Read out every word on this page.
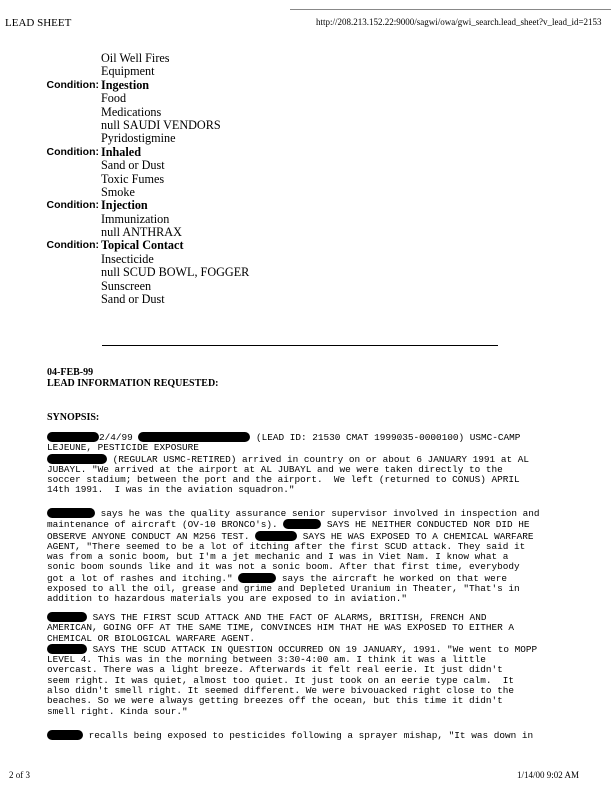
LEAD SHEET	http://208.213.152.22:9000/sagwi/owa/gwi_search.lead_sheet?v_lead_id=2153
Oil Well Fires
Equipment
Condition: Ingestion
Food
Medications
null SAUDI VENDORS
Pyridostigmine
Condition: Inhaled
Sand or Dust
Toxic Fumes
Smoke
Condition: Injection
Immunization
null ANTHRAX
Condition: Topical Contact
Insecticide
null SCUD BOWL, FOGGER
Sunscreen
Sand or Dust
04-FEB-99
LEAD INFORMATION REQUESTED:
SYNOPSIS:
2/4/99	(LEAD ID: 21530 CMAT 1999035-0000100) USMC-CAMP
LEJEUNE, PESTICIDE EXPOSURE
(REGULAR USMC-RETIRED) arrived in country on or about 6 JANUARY 1991 at AL
JUBAYL. "We arrived at the airport at AL JUBAYL and we were taken directly to the
soccer stadium; between the port and the airport.  We left (returned to CONUS) APRIL
14th 1991.  I was in the aviation squadron."
says he was the quality assurance senior supervisor involved in inspection and
maintenance of aircraft (OV-10 BRONCO's).	SAYS HE NEITHER CONDUCTED NOR DID HE
OBSERVE ANYONE CONDUCT AN M256 TEST.	SAYS HE WAS EXPOSED TO A CHEMICAL WARFARE
AGENT, "There seemed to be a lot of itching after the first SCUD attack. They said it
was from a sonic boom, but I'm a jet mechanic and I was in Viet Nam. I know what a
sonic boom sounds like and it was not a sonic boom. After that first time, everybody
got a lot of rashes and itching."	says the aircraft he worked on that were
exposed to all the oil, grease and grime and Depleted Uranium in Theater, "That's in
addition to hazardous materials you are exposed to in aviation."
SAYS THE FIRST SCUD ATTACK AND THE FACT OF ALARMS, BRITISH, FRENCH AND
AMERICAN, GOING OFF AT THE SAME TIME, CONVINCES HIM THAT HE WAS EXPOSED TO EITHER A
CHEMICAL OR BIOLOGICAL WARFARE AGENT.
SAYS THE SCUD ATTACK IN QUESTION OCCURRED ON 19 JANUARY, 1991. "We went to MOPP
LEVEL 4. This was in the morning between 3:30-4:00 am. I think it was a little
overcast. There was a light breeze. Afterwards it felt real eerie. It just didn't
seem right. It was quiet, almost too quiet. It just took on an eerie type calm.  It
also didn't smell right. It seemed different. We were bivouacked right close to the
beaches. So we were always getting breezes off the ocean, but this time it didn't
smell right. Kinda sour."
recalls being exposed to pesticides following a sprayer mishap, "It was down in
2 of 3	1/14/00 9:02 AM
